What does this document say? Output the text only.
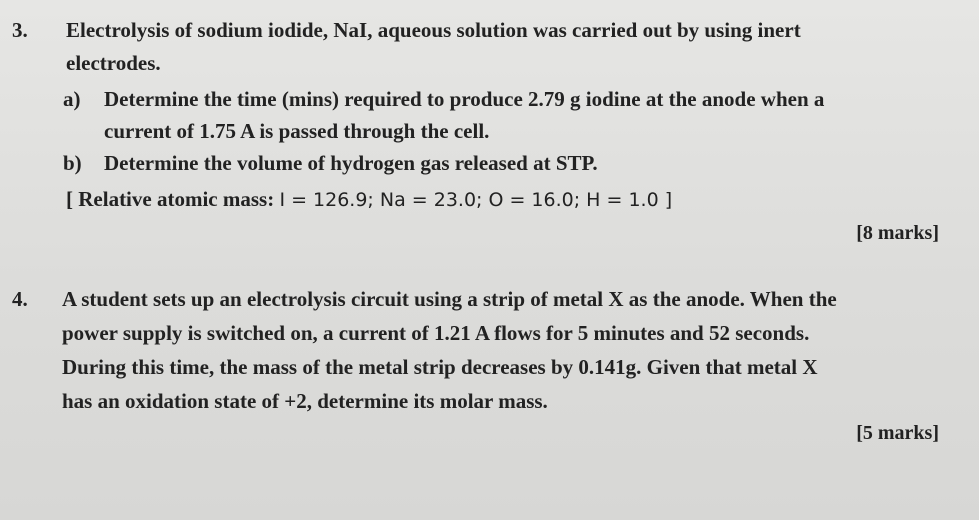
3. Electrolysis of sodium iodide, NaI, aqueous solution was carried out by using inert
electrodes.
a) Determine the time (mins) required to produce 2.79 g iodine at the anode when a
current of 1.75 A is passed through the cell.
b) Determine the volume of hydrogen gas released at STP.
[ Relative atomic mass: I = 126.9; Na = 23.0; O = 16.0; H = 1.0 ]
[8 marks]
4. A student sets up an electrolysis circuit using a strip of metal X as the anode. When the
power supply is switched on, a current of 1.21 A flows for 5 minutes and 52 seconds.
During this time, the mass of the metal strip decreases by 0.141g. Given that metal X
has an oxidation state of +2, determine its molar mass.
[5 marks]
